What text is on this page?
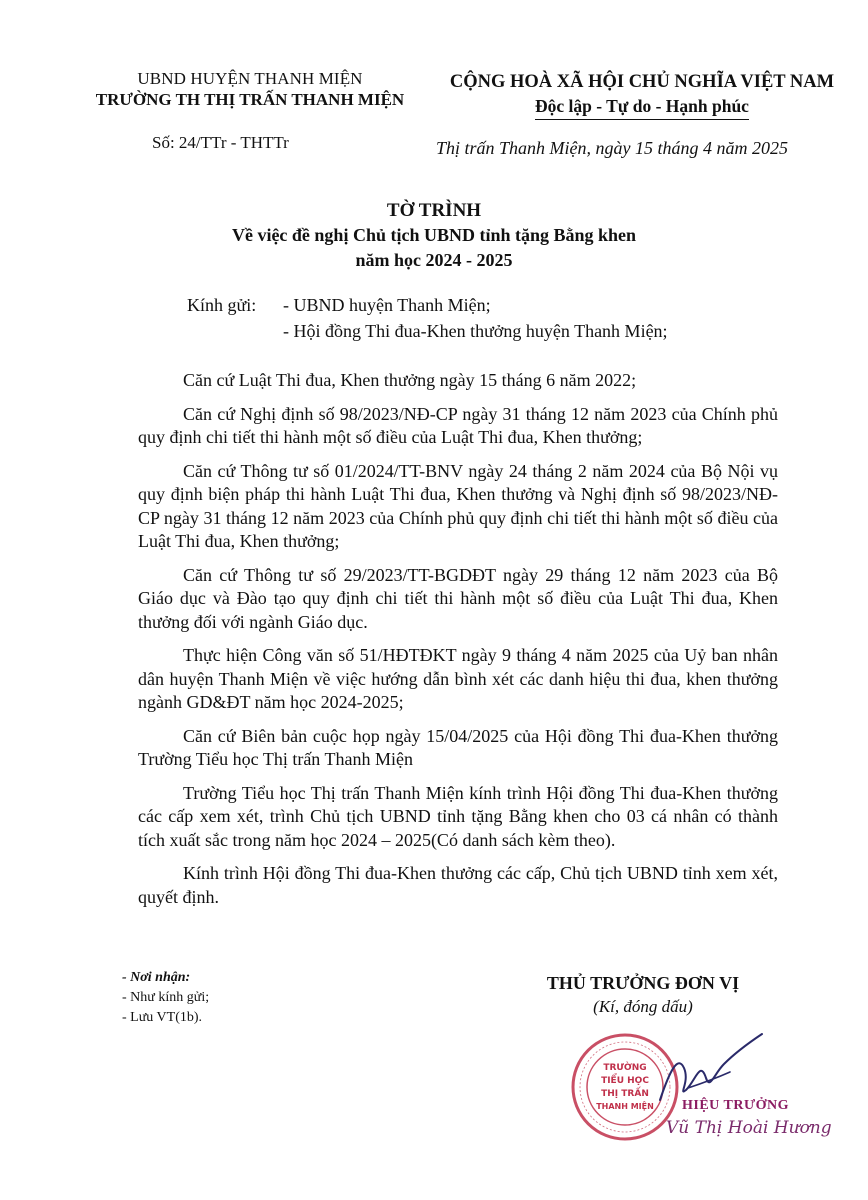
UBND HUYỆN THANH MIỆN
TRƯỜNG TH THỊ TRẤN THANH MIỆN
CỘNG HOÀ XÃ HỘI CHỦ NGHĨA VIỆT NAM
Độc lập - Tự do - Hạnh phúc
Số: 24/TTr - THTTr	Thị trấn Thanh Miện, ngày 15 tháng 4 năm 2025
TỜ TRÌNH
Về việc đề nghị Chủ tịch UBND tỉnh tặng Bằng khen
năm học 2024 - 2025
Kính gửi:	- UBND huyện Thanh Miện;
- Hội đồng Thi đua-Khen thưởng huyện Thanh Miện;

Căn cứ Luật Thi đua, Khen thưởng ngày 15 tháng 6 năm 2022;

Căn cứ Nghị định số 98/2023/NĐ-CP ngày 31 tháng 12 năm 2023 của Chính phủ quy định chi tiết thi hành một số điều của Luật Thi đua, Khen thưởng;

Căn cứ Thông tư số 01/2024/TT-BNV ngày 24 tháng 2 năm 2024 của Bộ Nội vụ quy định biện pháp thi hành Luật Thi đua, Khen thưởng và Nghị định số 98/2023/NĐ-CP ngày 31 tháng 12 năm 2023 của Chính phủ quy định chi tiết thi hành một số điều của Luật Thi đua, Khen thưởng;

Căn cứ Thông tư số 29/2023/TT-BGDĐT ngày 29 tháng 12 năm 2023 của Bộ Giáo dục và Đào tạo quy định chi tiết thi hành một số điều của Luật Thi đua, Khen thưởng đối với ngành Giáo dục.

Thực hiện Công văn số 51/HĐTĐKT ngày 9 tháng 4 năm 2025 của Uỷ ban nhân dân huyện Thanh Miện về việc hướng dẫn bình xét các danh hiệu thi đua, khen thưởng ngành GD&ĐT năm học 2024-2025;

Căn cứ Biên bản cuộc họp ngày 15/04/2025 của Hội đồng Thi đua-Khen thưởng Trường Tiểu học Thị trấn Thanh Miện

Trường Tiểu học Thị trấn Thanh Miện kính trình Hội đồng Thi đua-Khen thưởng các cấp xem xét, trình Chủ tịch UBND tỉnh tặng Bằng khen cho 03 cá nhân có thành tích xuất sắc trong năm học 2024 – 2025(Có danh sách kèm theo).

Kính trình Hội đồng Thi đua-Khen thưởng các cấp, Chủ tịch UBND tỉnh xem xét, quyết định.

- Nơi nhận:
- Như kính gửi;
- Lưu VT(1b).
THỦ TRƯỞNG ĐƠN VỊ
(Kí, đóng dấu)
TRƯỜNG
TIỂU HỌC
THỊ TRẤN
THANH MIỆN HIỆU TRƯỞNG
Vũ Thị Hoài Hương
